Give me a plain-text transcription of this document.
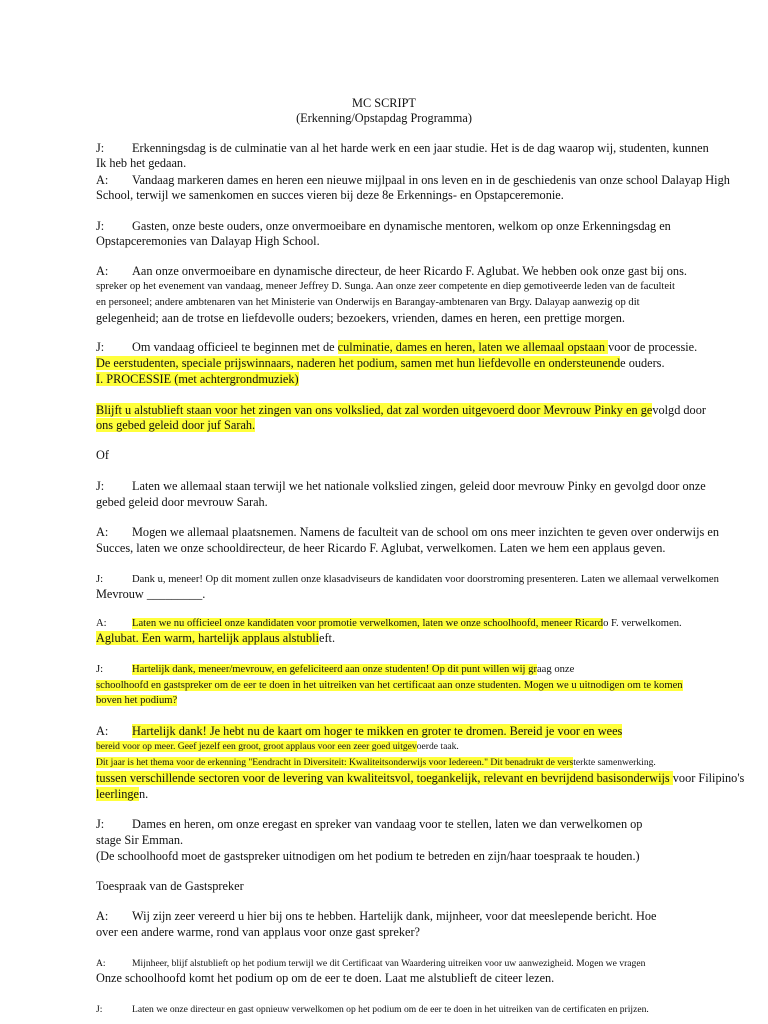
MC SCRIPT
(Erkenning/Opstapdag Programma)
J: Erkenningsdag is de culminatie van al het harde werk en een jaar studie. Het is de dag waarop wij, studenten, kunnen
Ik heb het gedaan.
A: Vandaag markeren dames en heren een nieuwe mijlpaal in ons leven en in de geschiedenis van onze school Dalayap High
School, terwijl we samenkomen en succes vieren bij deze 8e Erkennings- en Opstapceremonie.
J: Gasten, onze beste ouders, onze onvermoeibare en dynamische mentoren, welkom op onze Erkenningsdag en
Opstapceremonies van Dalayap High School.
A: Aan onze onvermoeibare en dynamische directeur, de heer Ricardo F. Aglubat. We hebben ook onze gast bij ons.
spreker op het evenement van vandaag, meneer Jeffrey D. Sunga. Aan onze zeer competente en diep gemotiveerde leden van de faculteit
en personeel; andere ambtenaren van het Ministerie van Onderwijs en Barangay-ambtenaren van Brgy. Dalayap aanwezig op dit
gelegenheid; aan de trotse en liefdevolle ouders; bezoekers, vrienden, dames en heren, een prettige morgen.
J: Om vandaag officieel te beginnen met de culminatie, dames en heren, laten we allemaal opstaan voor de processie.
De eerstudenten, speciale prijswinnaars, naderen het podium, samen met hun liefdevolle en ondersteunende ouders.
I. PROCESSIE (met achtergrondmuziek)
Blijft u alstublieft staan voor het zingen van ons volkslied, dat zal worden uitgevoerd door Mevrouw Pinky en gevolgd door
ons gebed geleid door juf Sarah.
Of
J: Laten we allemaal staan terwijl we het nationale volkslied zingen, geleid door mevrouw Pinky en gevolgd door onze
gebed geleid door mevrouw Sarah.
A: Mogen we allemaal plaatsnemen. Namens de faculteit van de school om ons meer inzichten te geven over onderwijs en
Succes, laten we onze schooldirecteur, de heer Ricardo F. Aglubat, verwelkomen. Laten we hem een applaus geven.
J:	Dank u, meneer! Op dit moment zullen onze klasadviseurs de kandidaten voor doorstroming presenteren. Laten we allemaal verwelkomen
Mevrouw _________.
A: Laten we nu officieel onze kandidaten voor promotie verwelkomen, laten we onze schoolhoofd, meneer Ricardo F. verwelkomen.
Aglubat. Een warm, hartelijk applaus alstublieft.
J:	Hartelijk dank, meneer/mevrouw, en gefeliciteerd aan onze studenten! Op dit punt willen wij graag onze
schoolhoofd en gastspreker om de eer te doen in het uitreiken van het certificaat aan onze studenten. Mogen we u uitnodigen om te komen
boven het podium?
A: Hartelijk dank! Je hebt nu de kaart om hoger te mikken en groter te dromen. Bereid je voor en wees
bereid voor op meer. Geef jezelf een groot, groot applaus voor een zeer goed uitgevoerde taak.
Dit jaar is het thema voor de erkenning "Eendracht in Diversiteit: Kwaliteitsonderwijs voor Iedereen." Dit benadrukt de versterkte samenwerking.
tussen verschillende sectoren voor de levering van kwaliteitsvol, toegankelijk, relevant en bevrijdend basisonderwijs voor Filipino's
leerlingen.
J: Dames en heren, om onze eregast en spreker van vandaag voor te stellen, laten we dan verwelkomen op
stage Sir Emman.
(De schoolhoofd moet de gastspreker uitnodigen om het podium te betreden en zijn/haar toespraak te houden.)
Toespraak van de Gastspreker
A: Wij zijn zeer vereerd u hier bij ons te hebben. Hartelijk dank, mijnheer, voor dat meeslepende bericht. Hoe
over een andere warme, rond van applaus voor onze gast spreker?
A:	Mijnheer, blijf alstublieft op het podium terwijl we dit Certificaat van Waardering uitreiken voor uw aanwezigheid. Mogen we vragen
Onze schoolhoofd komt het podium op om de eer te doen. Laat me alstublieft de citeer lezen.
J:	Laten we onze directeur en gast opnieuw verwelkomen op het podium om de eer te doen in het uitreiken van de certificaten en prijzen.
